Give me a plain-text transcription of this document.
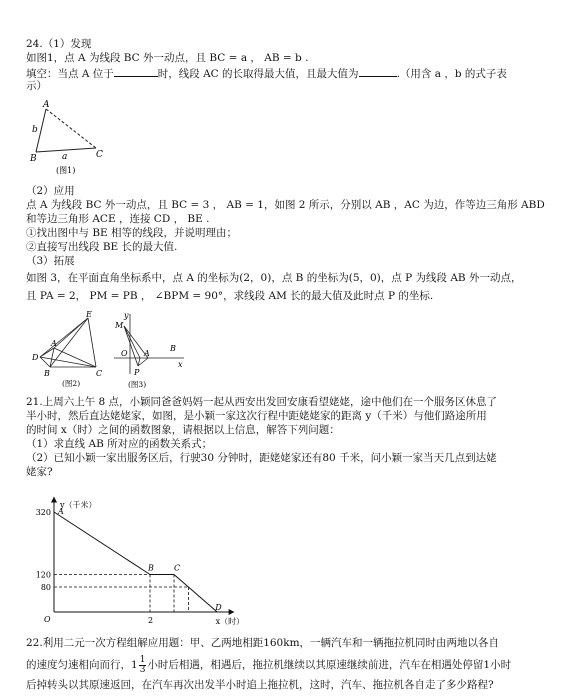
24.（1）发现
如图1，点 A 为线段 BC 外一动点，且 BC = a ， AB = b .
填空：当点 A 位于	时，线段 AC 的长取得最大值，且最大值为	.（用含 a ，b 的式子表
示）
A
b
B	a	C
(图1)
（2）应用
点 A 为线段 BC 外一动点，且 BC = 3 ， AB = 1，如图 2 所示，分别以 AB ，AC 为边，作等边三角形 ABD
和等边三角形 ACE ，连接 CD ， BE .
①找出图中与 BE 相等的线段，并说明理由；
②直接写出线段 BE 长的最大值.
（3）拓展
如图 3，在平面直角坐标系中，点 A 的坐标为(2，0)，点 B 的坐标为(5，0)，点 P 为线段 AB 外一动点，
且 PA = 2， PM = PB ， ∠BPM = 90°，求线段 AM 长的最大值及此时点 P 的坐标.
E
D
A
B	C
(图2)
y
M
O A
B
x
P
(图3)
21.上周六上午 8 点，小颖同爸爸妈妈一起从西安出发回安康看望姥姥，途中他们在一个服务区休息了
半小时，然后直达姥姥家，如图，是小颖一家这次行程中距姥姥家的距离 y（千米）与他们路途所用
的时间 x（时）之间的函数图象，请根据以上信息，解答下列问题：
（1）求直线 AB 所对应的函数关系式；
（2）已知小颖一家出服务区后，行驶30 分钟时，距姥姥家还有80 千米，问小颖一家当天几点到达姥
姥家?
320
120
80
2
A
B	C
D
y（千米）
x（时）
O
22.利用二元一次方程组解应用题：甲、乙两地相距160km，一辆汽车和一辆拖拉机同时由两地以各自
的速度匀速相向而行，$1 \frac{1}{3}$ 小时后相遇，相遇后，拖拉机继续以其原速继续前进，汽车在相遇处停留1小时
后掉转头以其原速返回，在汽车再次出发半小时追上拖拉机，这时，汽车、拖拉机各自走了多少路程?
